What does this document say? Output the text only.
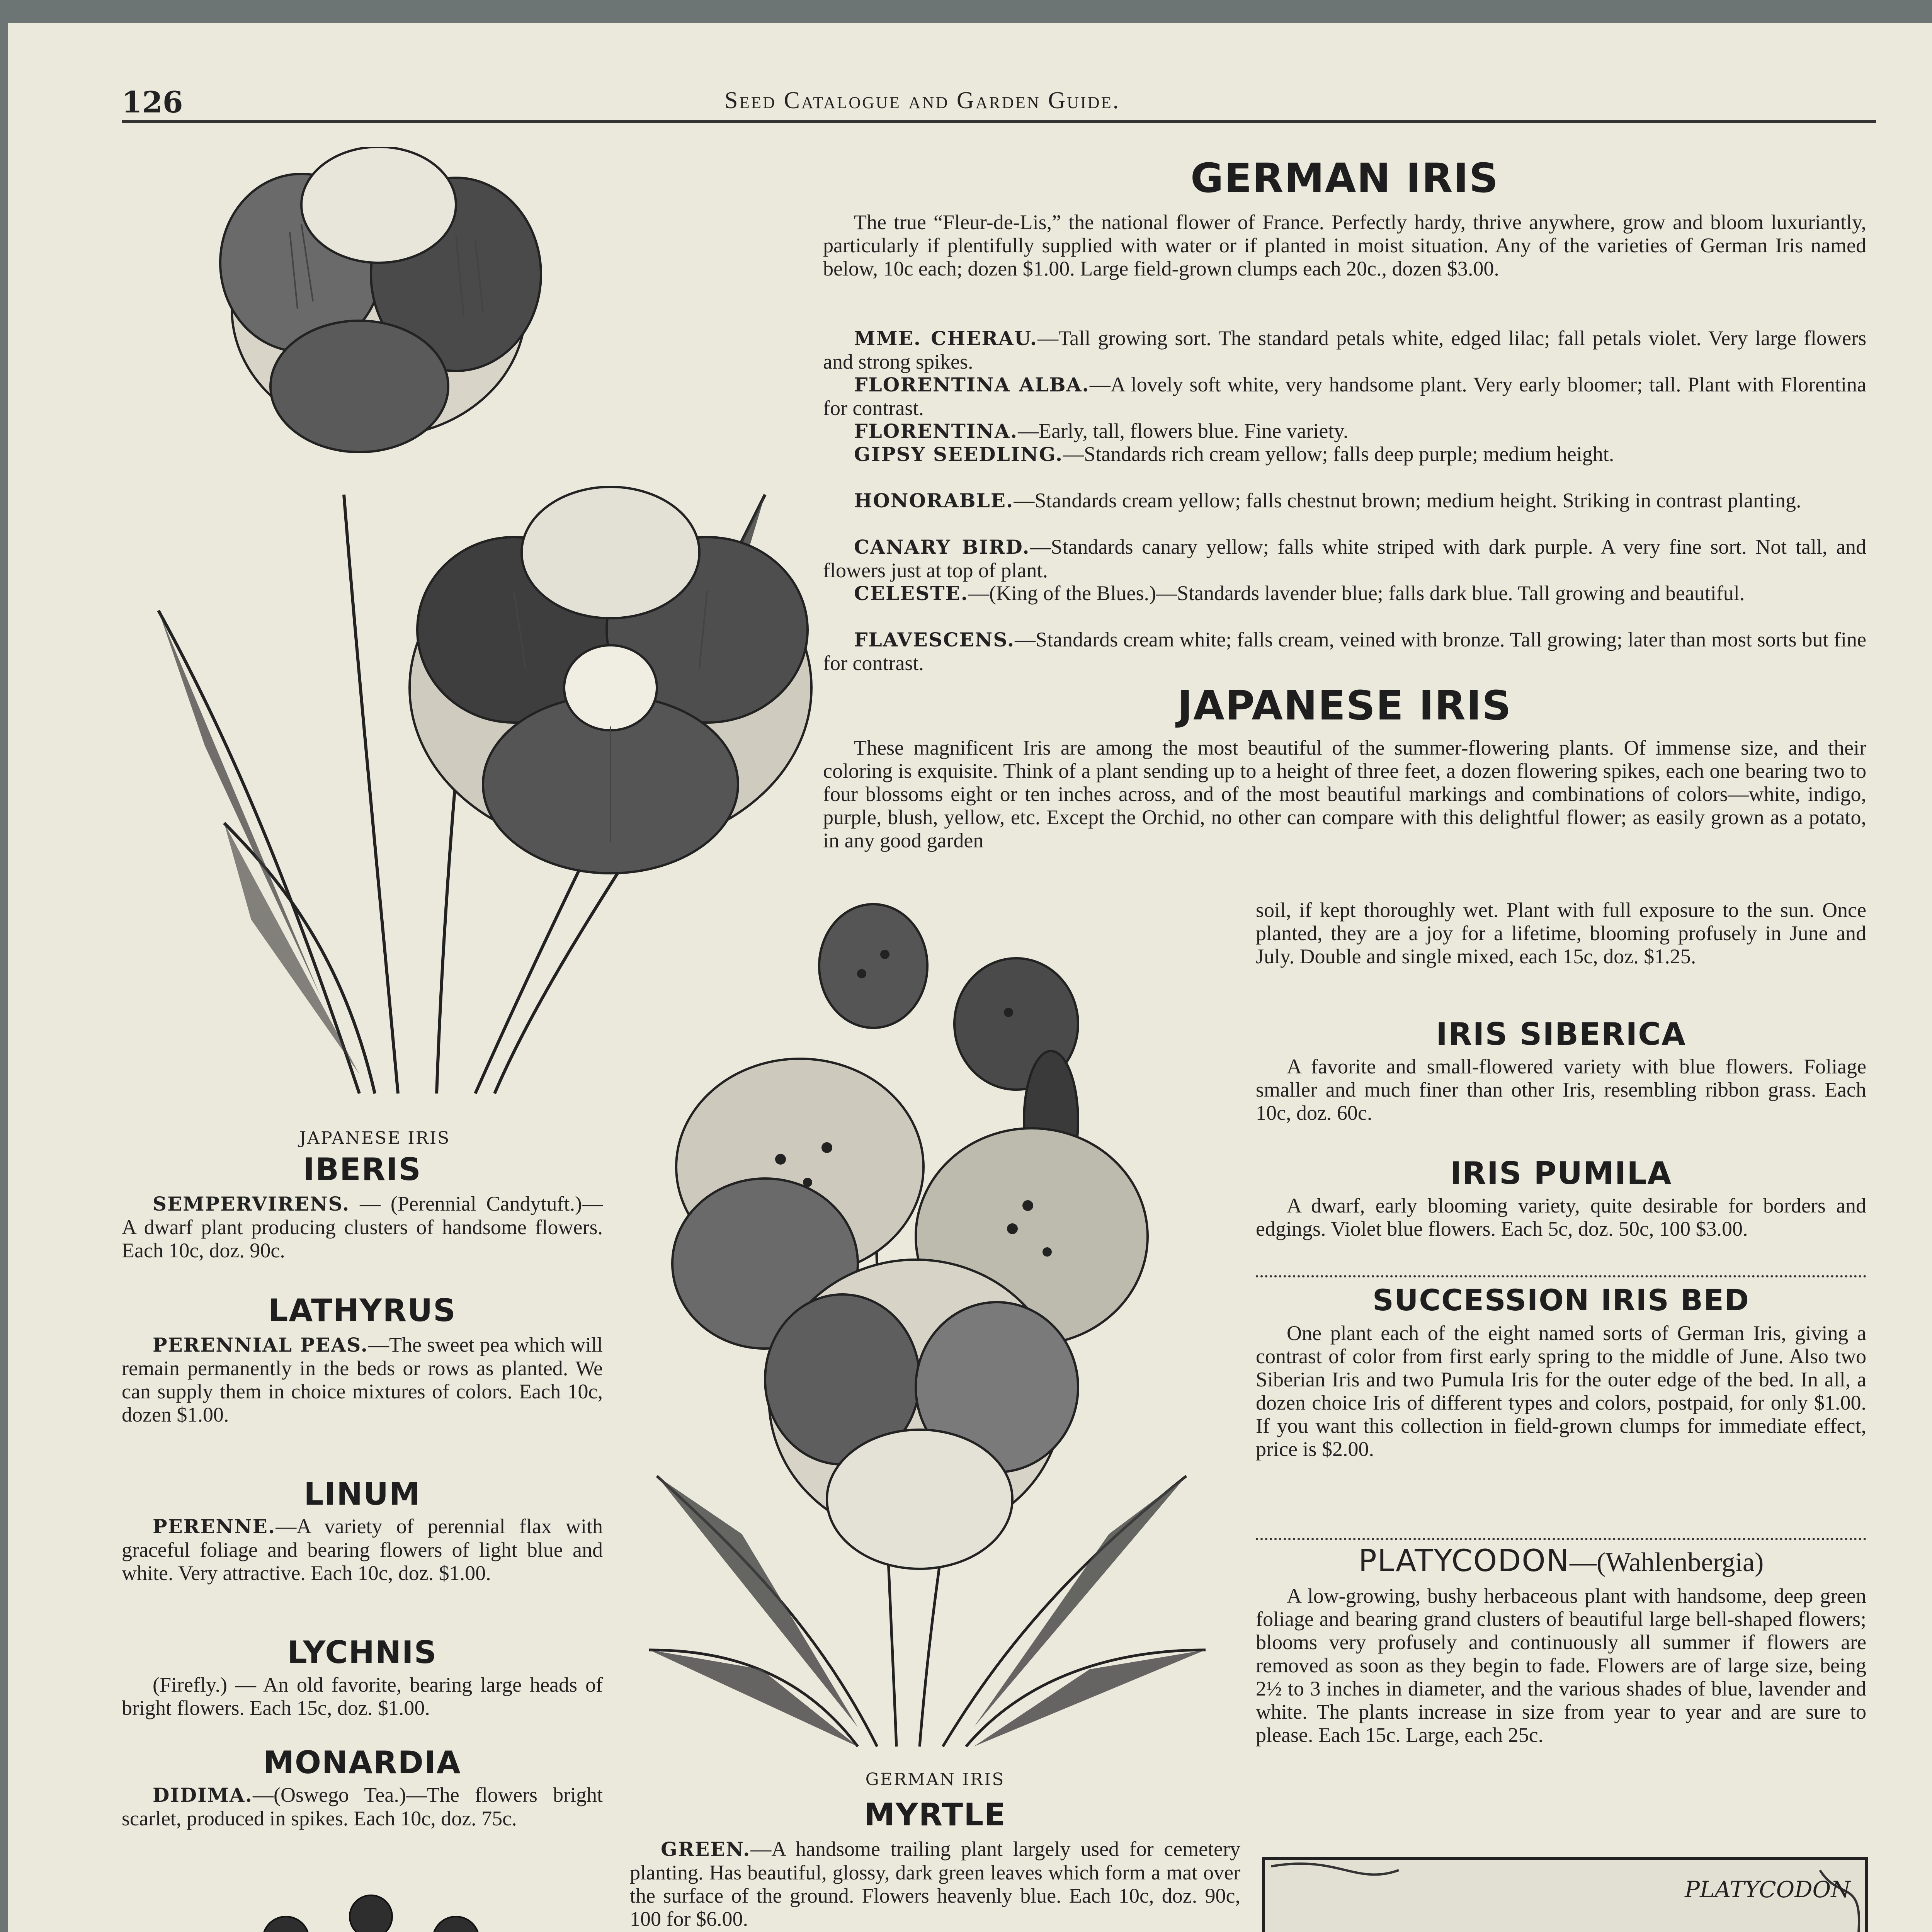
126	Seed Catalogue and Garden Guide.
JAPANESE IRIS
IBERIS

SEMPERVIRENS. — (Perennial Candytuft.)—A dwarf plant producing clusters of handsome flowers. Each 10c, doz. 90c.

LATHYRUS

PERENNIAL PEAS.—The sweet pea which will remain permanently in the beds or rows as planted. We can supply them in choice mixtures of colors. Each 10c, dozen $1.00.

LINUM

PERENNE.—A variety of perennial flax with graceful foliage and bearing flowers of light blue and white. Very attractive. Each 10c, doz. $1.00.

LYCHNIS

(Firefly.) — An old favorite, bearing large heads of bright flowers. Each 15c, doz. $1.00.

MONARDIA

DIDIMA.—(Oswego Tea.)—The flowers bright scarlet, produced in spikes. Each 10c, doz. 75c.

GERMAN IRIS
GERMAN IRIS

The true “Fleur-de-Lis,” the national flower of France. Perfectly hardy, thrive anywhere, grow and bloom luxuriantly, particularly if plentifully supplied with water or if planted in moist situation. Any of the varieties of German Iris named below, 10c each; dozen $1.00. Large field-grown clumps each 20c., dozen $3.00.

MME. CHERAU.—Tall growing sort. The standard petals white, edged lilac; fall petals violet. Very large flowers and strong spikes.

FLORENTINA ALBA.—A lovely soft white, very handsome plant. Very early bloomer; tall. Plant with Florentina for contrast.

FLORENTINA.—Early, tall, flowers blue. Fine variety.

GIPSY SEEDLING.—Standards rich cream yellow; falls deep purple; medium height.

HONORABLE.—Standards cream yellow; falls chestnut brown; medium height. Striking in contrast planting.

CANARY BIRD.—Standards canary yellow; falls white striped with dark purple. A very fine sort. Not tall, and flowers just at top of plant.

CELESTE.—(King of the Blues.)—Standards lavender blue; falls dark blue. Tall growing and beautiful.

FLAVESCENS.—Standards cream white; falls cream, veined with bronze. Tall growing; later than most sorts but fine for contrast.

JAPANESE IRIS

These magnificent Iris are among the most beautiful of the summer-flowering plants. Of immense size, and their coloring is exquisite. Think of a plant sending up to a height of three feet, a dozen flowering spikes, each one bearing two to four blossoms eight or ten inches across, and of the most beautiful markings and combinations of colors—white, indigo, purple, blush, yellow, etc. Except the Orchid, no other can compare with this delightful flower; as easily grown as a potato, in any good garden

soil, if kept thoroughly wet. Plant with full exposure to the sun. Once planted, they are a joy for a lifetime, blooming profusely in June and July. Double and single mixed, each 15c, doz. $1.25.

IRIS SIBERICA

A favorite and small-flowered variety with blue flowers. Foliage smaller and much finer than other Iris, resembling ribbon grass. Each 10c, doz. 60c.

IRIS PUMILA

A dwarf, early blooming variety, quite desirable for borders and edgings. Violet blue flowers. Each 5c, doz. 50c, 100 $3.00.

SUCCESSION IRIS BED

One plant each of the eight named sorts of German Iris, giving a contrast of color from first early spring to the middle of June. Also two Siberian Iris and two Pumula Iris for the outer edge of the bed. In all, a dozen choice Iris of different types and colors, postpaid, for only $1.00. If you want this collection in field-grown clumps for immediate effect, price is $2.00.

PLATYCODON—(Wahlenbergia)

A low-growing, bushy herbaceous plant with handsome, deep green foliage and bearing grand clusters of beautiful large bell-shaped flowers; blooms very profusely and continuously all summer if flowers are removed as soon as they begin to fade. Flowers are of large size, being 2½ to 3 inches in diameter, and the various shades of blue, lavender and white. The plants increase in size from year to year and are sure to please. Each 15c. Large, each 25c.

PLATYCODON
MYRTLE

GREEN.—A handsome trailing plant largely used for cemetery planting. Has beautiful, glossy, dark green leaves which form a mat over the surface of the ground. Flowers heavenly blue. Each 10c, doz. 90c, 100 for $6.00.
